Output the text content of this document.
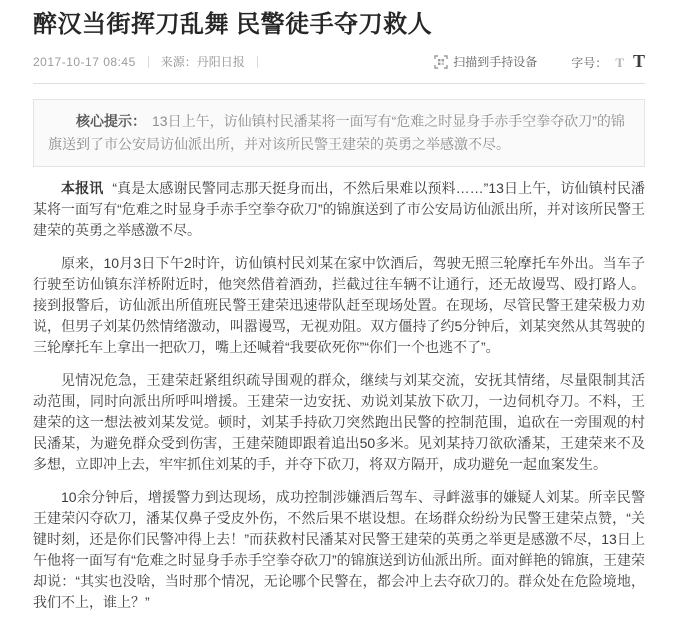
醉汉当街挥刀乱舞 民警徒手夺刀救人
2017-10-17 08:45 来源：丹阳日报	扫描到手持设备	字号： T T
核心提示： 13日上午，访仙镇村民潘某将一面写有“危难之时显身手赤手空拳夺砍刀”的锦旗送到了市公安局访仙派出所，并对该所民警王建荣的英勇之举感激不尽。

本报讯 “真是太感谢民警同志那天挺身而出，不然后果难以预料……”13日上午，访仙镇村民潘某将一面写有“危难之时显身手赤手空拳夺砍刀”的锦旗送到了市公安局访仙派出所，并对该所民警王建荣的英勇之举感激不尽。

原来，10月3日下午2时许，访仙镇村民刘某在家中饮酒后，驾驶无照三轮摩托车外出。当车子行驶至访仙镇东洋桥附近时，他突然借着酒劲，拦截过往车辆不让通行，还无故谩骂、殴打路人。接到报警后，访仙派出所值班民警王建荣迅速带队赶至现场处置。在现场，尽管民警王建荣极力劝说，但男子刘某仍然情绪激动，叫嚣谩骂，无视劝阻。双方僵持了约5分钟后，刘某突然从其驾驶的三轮摩托车上拿出一把砍刀，嘴上还喊着“我要砍死你”“你们一个也逃不了”。

见情况危急，王建荣赶紧组织疏导围观的群众，继续与刘某交流，安抚其情绪，尽量限制其活动范围，同时向派出所呼叫增援。王建荣一边安抚、劝说刘某放下砍刀，一边伺机夺刀。不料，王建荣的这一想法被刘某发觉。顿时，刘某手持砍刀突然跑出民警的控制范围，追砍在一旁围观的村民潘某，为避免群众受到伤害，王建荣随即跟着追出50多米。见刘某持刀欲砍潘某，王建荣来不及多想，立即冲上去，牢牢抓住刘某的手，并夺下砍刀，将双方隔开，成功避免一起血案发生。

10余分钟后，增援警力到达现场，成功控制涉嫌酒后驾车、寻衅滋事的嫌疑人刘某。所幸民警王建荣闪夺砍刀，潘某仅鼻子受皮外伤，不然后果不堪设想。在场群众纷纷为民警王建荣点赞，“关键时刻，还是你们民警冲得上去！”而获救村民潘某对民警王建荣的英勇之举更是感激不尽，13日上午他将一面写有“危难之时显身手赤手空拳夺砍刀”的锦旗送到访仙派出所。面对鲜艳的锦旗，王建荣却说：“其实也没啥，当时那个情况，无论哪个民警在，都会冲上去夺砍刀的。群众处在危险境地，我们不上，谁上？”
